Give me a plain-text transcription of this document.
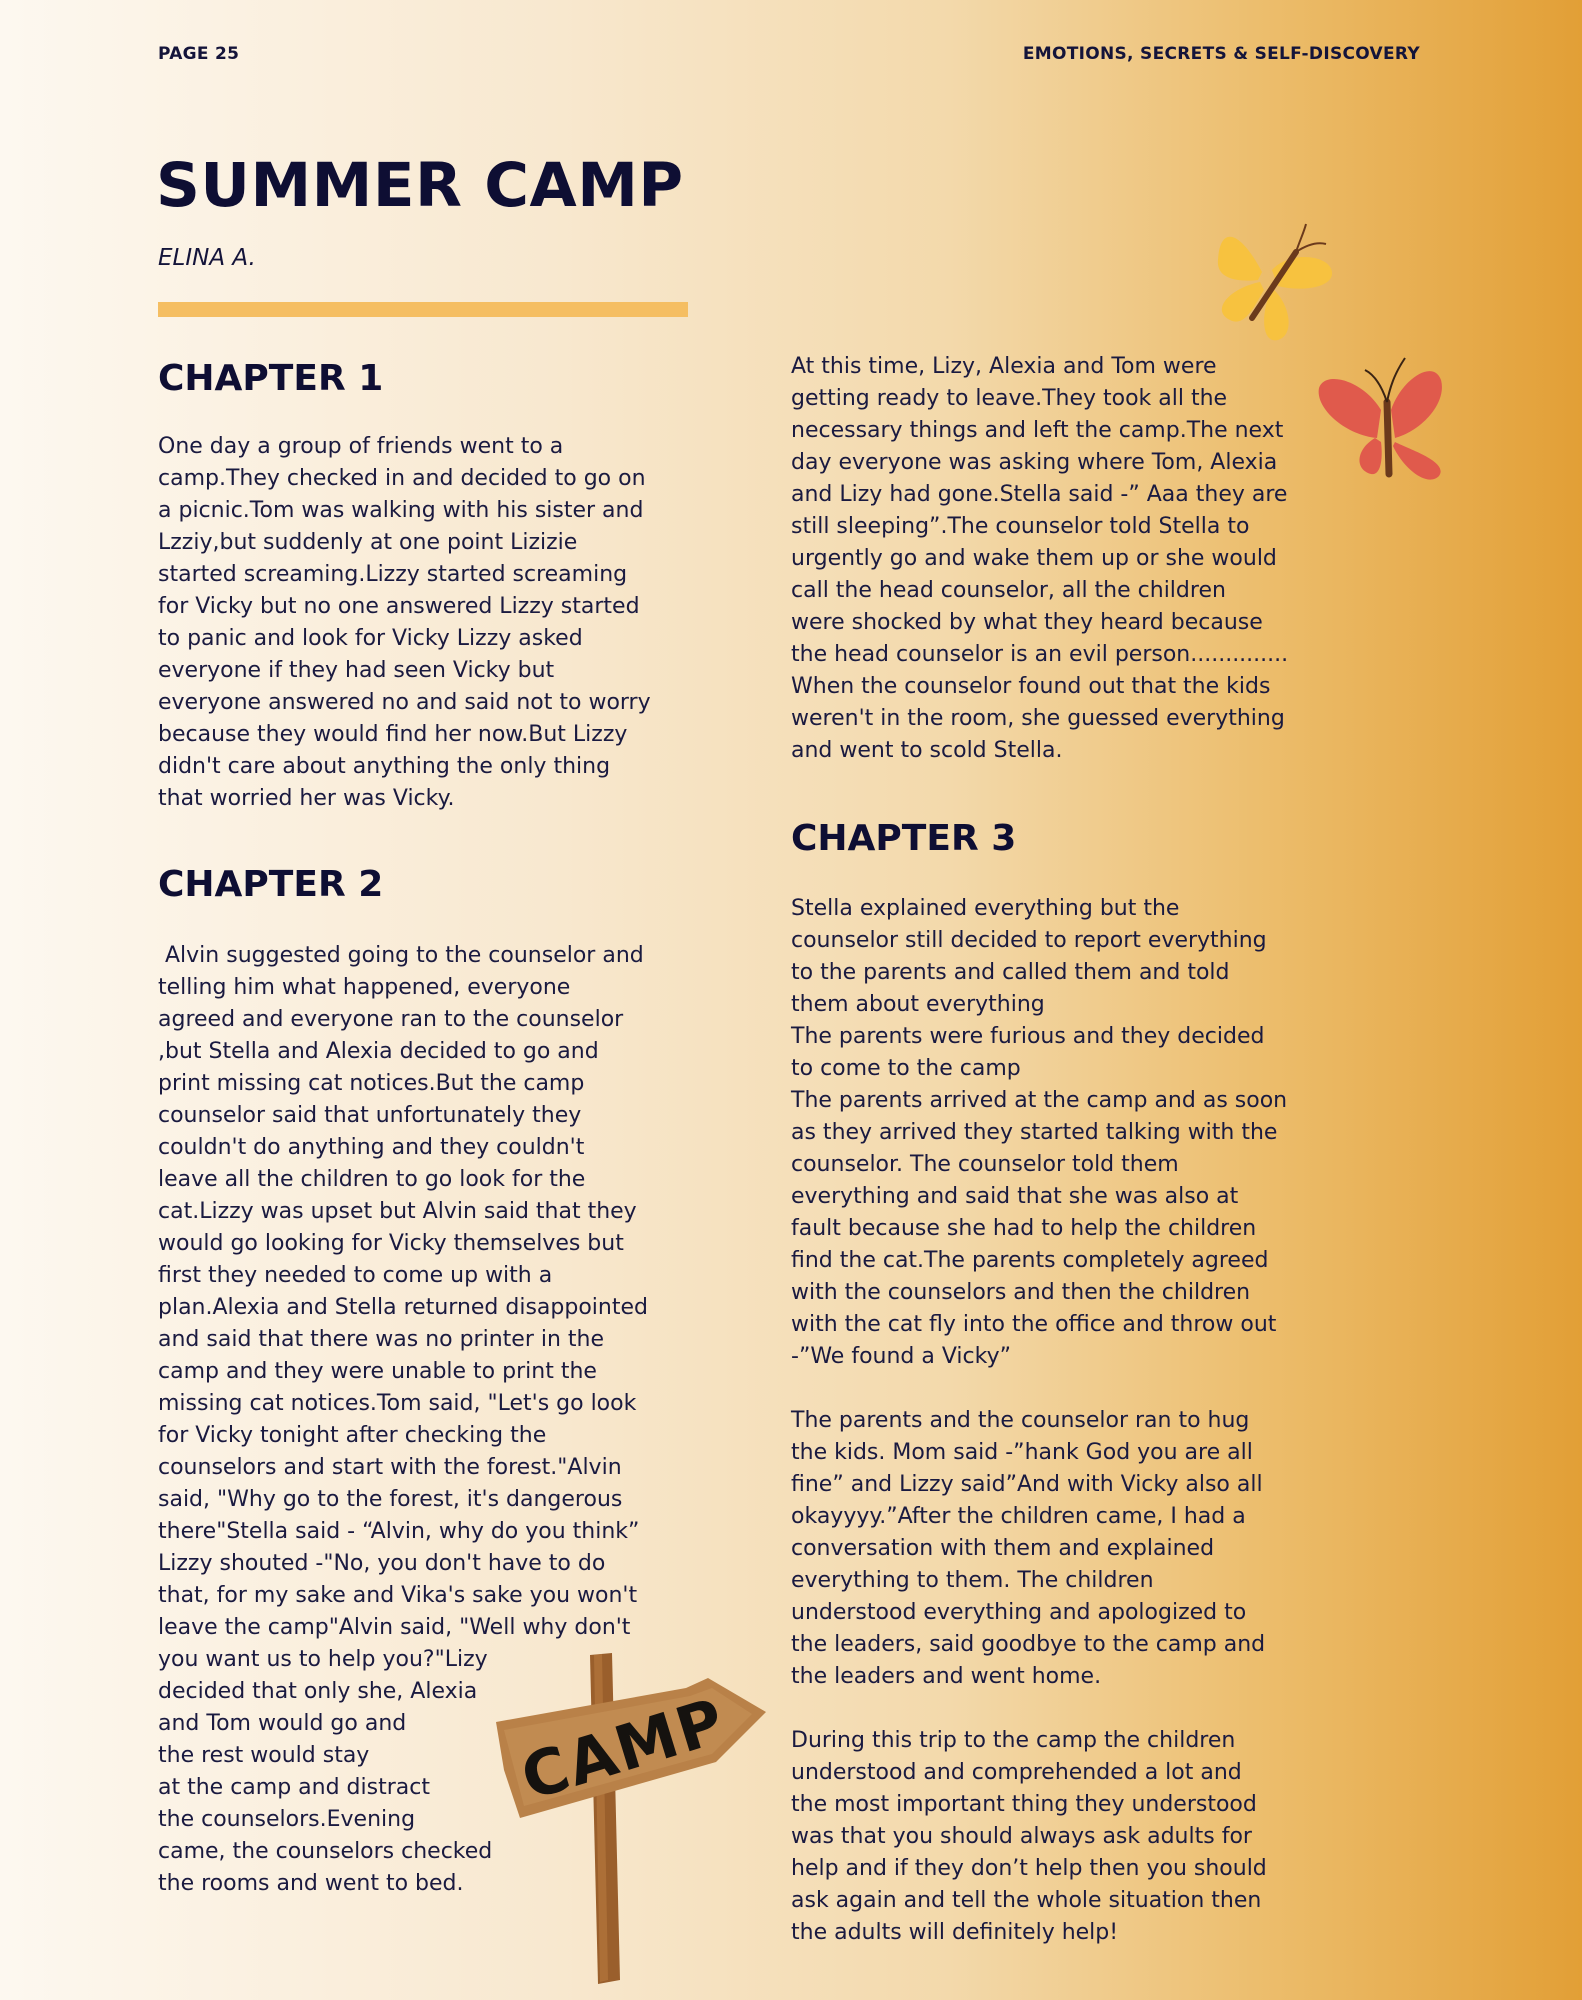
PAGE 25	EMOTIONS, SECRETS & SELF-DISCOVERY
SUMMER CAMP
ELINA A.
CHAPTER 1

One day a group of friends went to a
camp.They checked in and decided to go on
a picnic.Tom was walking with his sister and
Lzziy,but suddenly at one point Lizizie
started screaming.Lizzy started screaming
for Vicky but no one answered Lizzy started
to panic and look for Vicky Lizzy asked
everyone if they had seen Vicky but
everyone answered no and said not to worry
because they would find her now.But Lizzy
didn't care about anything the only thing
that worried her was Vicky.

CHAPTER 2

Alvin suggested going to the counselor and
telling him what happened, everyone
agreed and everyone ran to the counselor
,but Stella and Alexia decided to go and
print missing cat notices.But the camp
counselor said that unfortunately they
couldn't do anything and they couldn't
leave all the children to go look for the
cat.Lizzy was upset but Alvin said that they
would go looking for Vicky themselves but
first they needed to come up with a
plan.Alexia and Stella returned disappointed
and said that there was no printer in the
camp and they were unable to print the
missing cat notices.Tom said, "Let's go look
for Vicky tonight after checking the
counselors and start with the forest."Alvin
said, "Why go to the forest, it's dangerous
there"Stella said - “Alvin, why do you think”
Lizzy shouted -"No, you don't have to do
that, for my sake and Vika's sake you won't
leave the camp"Alvin said, "Well why don't
you want us to help you?"Lizy
decided that only she, Alexia
and Tom would go and
the rest would stay
at the camp and distract
the counselors.Evening
came, the counselors checked
the rooms and went to bed.

At this time, Lizy, Alexia and Tom were
getting ready to leave.They took all the
necessary things and left the camp.The next
day everyone was asking where Tom, Alexia
and Lizy had gone.Stella said -” Aaa they are
still sleeping”.The counselor told Stella to
urgently go and wake them up or she would
call the head counselor, all the children
were shocked by what they heard because
the head counselor is an evil person..............
When the counselor found out that the kids
weren't in the room, she guessed everything
and went to scold Stella.

CHAPTER 3

Stella explained everything but the
counselor still decided to report everything
to the parents and called them and told
them about everything
The parents were furious and they decided
to come to the camp
The parents arrived at the camp and as soon
as they arrived they started talking with the
counselor. The counselor told them
everything and said that she was also at
fault because she had to help the children
find the cat.The parents completely agreed
with the counselors and then the children
with the cat fly into the office and throw out
-”We found a Vicky”

The parents and the counselor ran to hug
the kids. Mom said -”hank God you are all
fine” and Lizzy said”And with Vicky also all
okayyyy.”After the children came, I had a
conversation with them and explained
everything to them. The children
understood everything and apologized to
the leaders, said goodbye to the camp and
the leaders and went home.

During this trip to the camp the children
understood and comprehended a lot and
the most important thing they understood
was that you should always ask adults for
help and if they don’t help then you should
ask again and tell the whole situation then
the adults will definitely help!

CAMP
